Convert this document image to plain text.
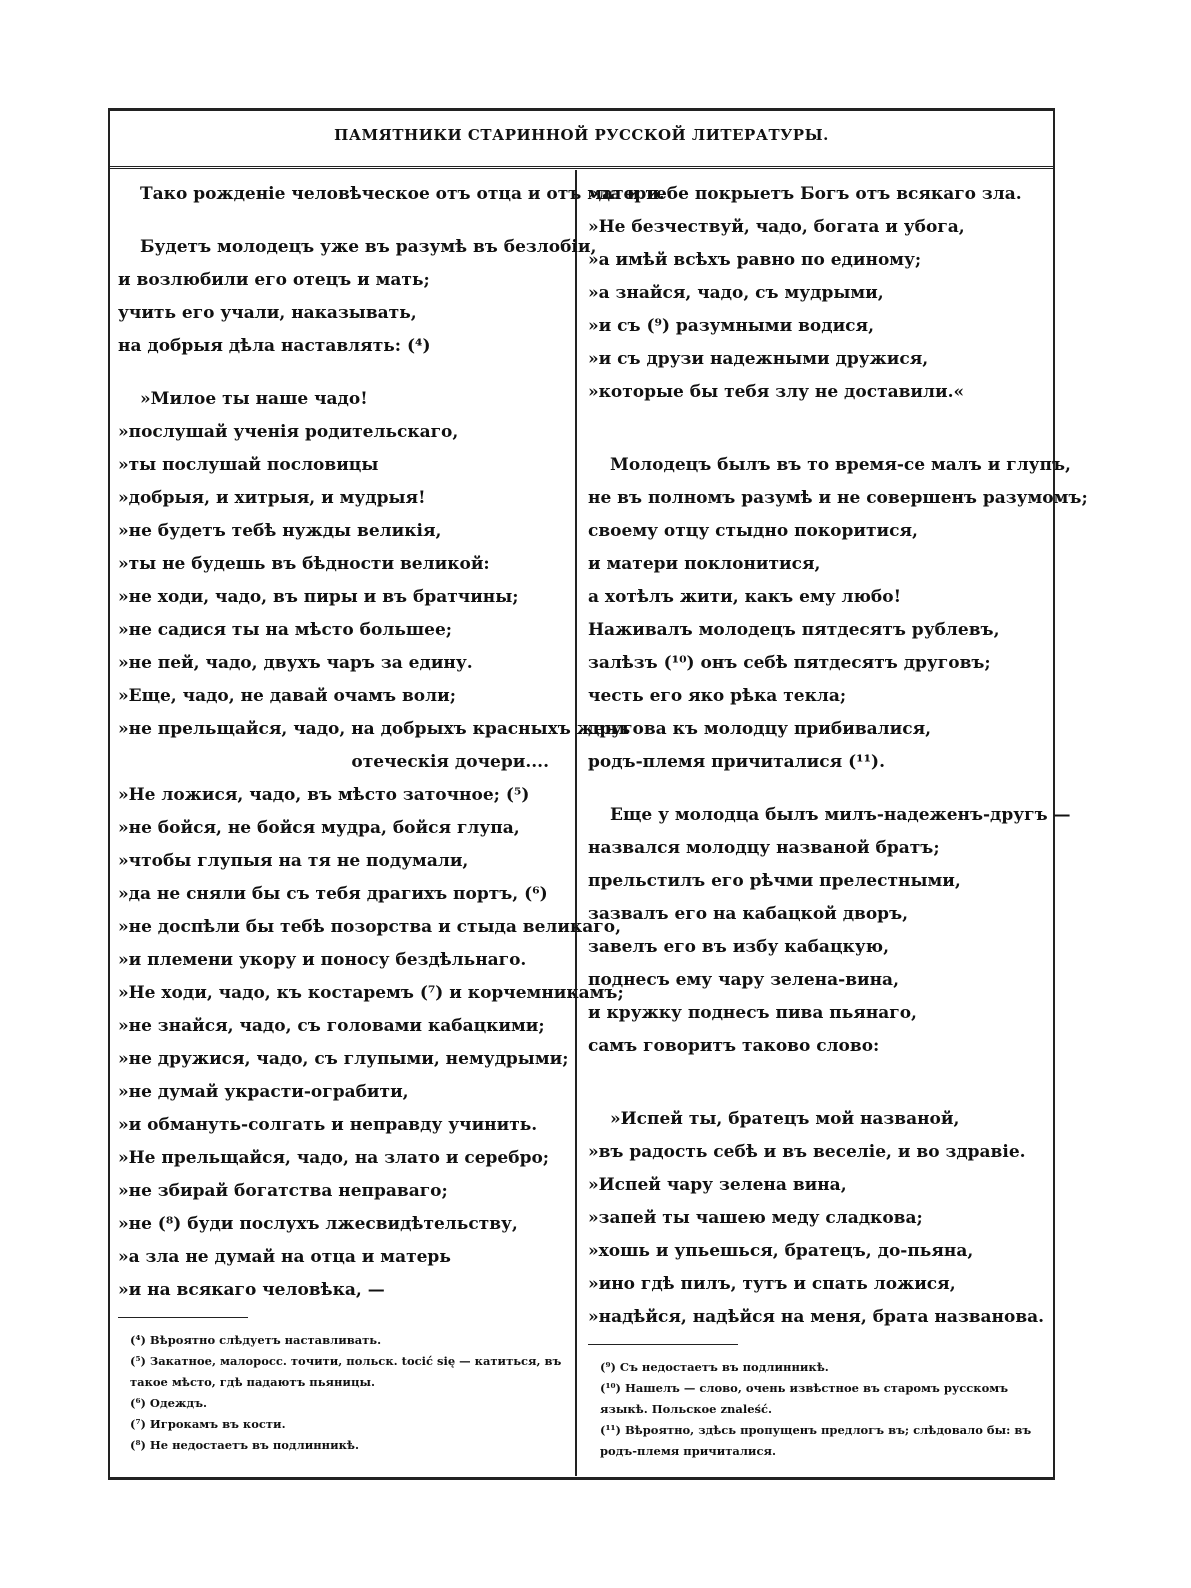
ПАМЯТНИКИ СТАРИННОЙ РУССКОЙ ЛИТЕРАТУРЫ.
Тако рожденіе человѣческое отъ отца и отъ матери.
Будетъ молодецъ уже въ разумѣ въ безлобіи,
и возлюбили его отецъ и мать;
учить его учали, наказывать,
на добрыя дѣла наставлять: (⁴)
»Милое ты наше чадо!
»послушай ученія родительскаго,
»ты послушай пословицы
»добрыя, и хитрыя, и мудрыя!
»не будетъ тебѣ нужды великія,
»ты не будешь въ бѣдности великой:
»не ходи, чадо, въ пиры и въ братчины;
»не садися ты на мѣсто большее;
»не пей, чадо, двухъ чаръ за едину.
»Еще, чадо, не давай очамъ воли;
»не прельщайся, чадо, на добрыхъ красныхъ женъ
отеческія дочери....
»Не ложися, чадо, въ мѣсто заточное; (⁵)
»не бойся, не бойся мудра, бойся глупа,
»чтобы глупыя на тя не подумали,
»да не сняли бы съ тебя драгихъ портъ, (⁶)
»не доспѣли бы тебѣ позорства и стыда великаго,
»и племени укору и поносу бездѣльнаго.
»Не ходи, чадо, къ костаремъ (⁷) и корчемникамъ;
»не знайся, чадо, съ головами кабацкими;
»не дружися, чадо, съ глупыми, немудрыми;
»не думай украсти-ограбити,
»и обмануть-солгать и неправду учинить.
»Не прельщайся, чадо, на злато и серебро;
»не збирай богатства неправаго;
»не (⁸) буди послухъ лжесвидѣтельству,
»а зла не думай на отца и матерь
»и на всякаго человѣка, —
(⁴) Вѣроятно слѣдуетъ наставливать.
(⁵) Закатное, малоросс. точити, польск. tocić się — катиться, въ такое мѣсто, гдѣ падаютъ пьяницы.
(⁶) Одеждъ.
(⁷) Игрокамъ въ кости.
(⁸) Не недостаетъ въ подлинникѣ.
»да и тебе покрыетъ Богъ отъ всякаго зла.
»Не безчествуй, чадо, богата и убога,
»а имѣй всѣхъ равно по единому;
»а знайся, чадо, съ мудрыми,
»и съ (⁹) разумными водися,
»и съ друзи надежными дружися,
»которые бы тебя злу не доставили.«
Молодецъ былъ въ то время-се малъ и глупъ,
не въ полномъ разумѣ и не совершенъ разумомъ;
своему отцу стыдно покоритися,
и матери поклонитися,
а хотѣлъ жити, какъ ему любо!
Наживалъ молодецъ пятдесятъ рублевъ,
залѣзъ (¹⁰) онъ себѣ пятдесятъ друговъ;
честь его яко рѣка текла;
другова къ молодцу прибивалися,
родъ-племя причиталися (¹¹).
Еще у молодца былъ милъ-надеженъ-другъ —
назвался молодцу названой братъ;
прельстилъ его рѣчми прелестными,
зазвалъ его на кабацкой дворъ,
завелъ его въ избу кабацкую,
поднесъ ему чару зелена-вина,
и кружку поднесъ пива пьянаго,
самъ говоритъ таково слово:
»Испей ты, братецъ мой названой,
»въ радость себѣ и въ веселіе, и во здравіе.
»Испей чару зелена вина,
»запей ты чашею меду сладкова;
»хошь и упьешься, братецъ, до-пьяна,
»ино гдѣ пилъ, тутъ и спать ложися,
»надѣйся, надѣйся на меня, брата названова.
(⁹) Съ недостаетъ въ подлинникѣ.
(¹⁰) Нашелъ — слово, очень извѣстное въ старомъ русскомъ языкѣ. Польское znaleść.
(¹¹) Вѣроятно, здѣсь пропущенъ предлогъ въ; слѣдовало бы: въ родъ-племя причиталися.
